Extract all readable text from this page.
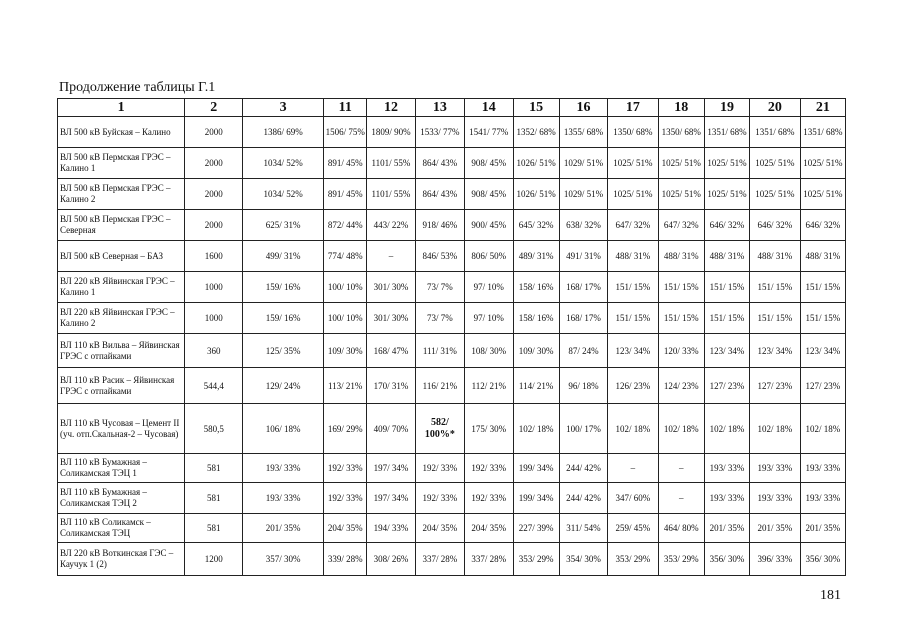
Продолжение таблицы Г.1
1	2	3	11	12	13	14	15	16	17	18	19	20	21
ВЛ 500 кВ Буйская – Калино	2000	1386/ 69%	1506/ 75%	1809/ 90%	1533/ 77%	1541/ 77%	1352/ 68%	1355/ 68%	1350/ 68%	1350/ 68%	1351/ 68%	1351/ 68%	1351/ 68%
ВЛ 500 кВ Пермская ГРЭС – Калино 1	2000	1034/ 52%	891/ 45%	1101/ 55%	864/ 43%	908/ 45%	1026/ 51%	1029/ 51%	1025/ 51%	1025/ 51%	1025/ 51%	1025/ 51%	1025/ 51%
ВЛ 500 кВ Пермская ГРЭС – Калино 2	2000	1034/ 52%	891/ 45%	1101/ 55%	864/ 43%	908/ 45%	1026/ 51%	1029/ 51%	1025/ 51%	1025/ 51%	1025/ 51%	1025/ 51%	1025/ 51%
ВЛ 500 кВ Пермская ГРЭС – Северная	2000	625/ 31%	872/ 44%	443/ 22%	918/ 46%	900/ 45%	645/ 32%	638/ 32%	647/ 32%	647/ 32%	646/ 32%	646/ 32%	646/ 32%
ВЛ 500 кВ Северная – БАЗ	1600	499/ 31%	774/ 48%	–	846/ 53%	806/ 50%	489/ 31%	491/ 31%	488/ 31%	488/ 31%	488/ 31%	488/ 31%	488/ 31%
ВЛ 220 кВ Яйвинская ГРЭС – Калино 1	1000	159/ 16%	100/ 10%	301/ 30%	73/ 7%	97/ 10%	158/ 16%	168/ 17%	151/ 15%	151/ 15%	151/ 15%	151/ 15%	151/ 15%
ВЛ 220 кВ Яйвинская ГРЭС – Калино 2	1000	159/ 16%	100/ 10%	301/ 30%	73/ 7%	97/ 10%	158/ 16%	168/ 17%	151/ 15%	151/ 15%	151/ 15%	151/ 15%	151/ 15%
ВЛ 110 кВ Вильва – Яйвинская ГРЭС с отпайками	360	125/ 35%	109/ 30%	168/ 47%	111/ 31%	108/ 30%	109/ 30%	87/ 24%	123/ 34%	120/ 33%	123/ 34%	123/ 34%	123/ 34%
ВЛ 110 кВ Расик – Яйвинская ГРЭС с отпайками	544,4	129/ 24%	113/ 21%	170/ 31%	116/ 21%	112/ 21%	114/ 21%	96/ 18%	126/ 23%	124/ 23%	127/ 23%	127/ 23%	127/ 23%
ВЛ 110 кВ Чусовая – Цемент II (уч. отп.Скальная-2 – Чусовая)	580,5	106/ 18%	169/ 29%	409/ 70%	582/ 100%*	175/ 30%	102/ 18%	100/ 17%	102/ 18%	102/ 18%	102/ 18%	102/ 18%	102/ 18%
ВЛ 110 кВ Бумажная – Соликамская ТЭЦ 1	581	193/ 33%	192/ 33%	197/ 34%	192/ 33%	192/ 33%	199/ 34%	244/ 42%	–	–	193/ 33%	193/ 33%	193/ 33%
ВЛ 110 кВ Бумажная – Соликамская ТЭЦ 2	581	193/ 33%	192/ 33%	197/ 34%	192/ 33%	192/ 33%	199/ 34%	244/ 42%	347/ 60%	–	193/ 33%	193/ 33%	193/ 33%
ВЛ 110 кВ Соликамск – Соликамская ТЭЦ	581	201/ 35%	204/ 35%	194/ 33%	204/ 35%	204/ 35%	227/ 39%	311/ 54%	259/ 45%	464/ 80%	201/ 35%	201/ 35%	201/ 35%
ВЛ 220 кВ Воткинская ГЭС – Каучук 1 (2)	1200	357/ 30%	339/ 28%	308/ 26%	337/ 28%	337/ 28%	353/ 29%	354/ 30%	353/ 29%	353/ 29%	356/ 30%	396/ 33%	356/ 30%
181
